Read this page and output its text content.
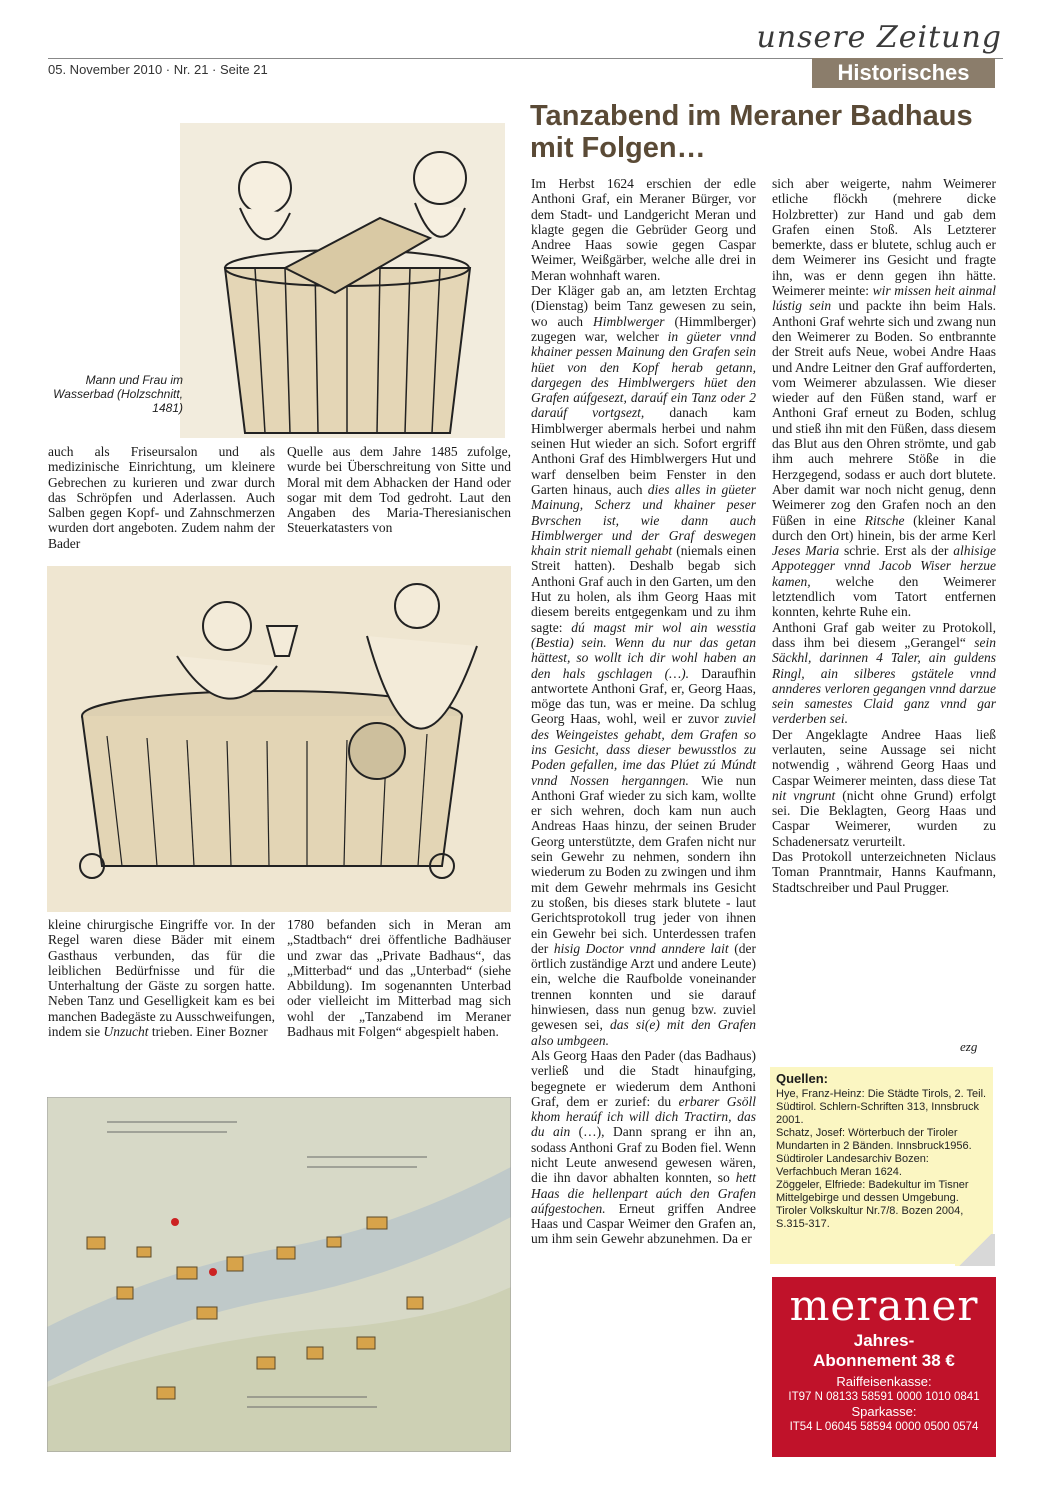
05. November 2010 · Nr. 21 · Seite 21
unsere Zeitung
Historisches
Tanzabend im Meraner Badhaus mit Folgen…
Mann und Frau im Wasserbad (Holzschnitt, 1481)

auch als Friseursalon und als medizinische Einrichtung, um kleinere Gebrechen zu kurieren und zwar durch das Schröpfen und Aderlassen. Auch Salben gegen Kopf- und Zahnschmerzen wurden dort angeboten. Zudem nahm der Bader

Quelle aus dem Jahre 1485 zufolge, wurde bei Überschreitung von Sitte und Moral mit dem Abhacken der Hand oder sogar mit dem Tod gedroht. Laut den Angaben des Maria-Theresianischen Steuerkatasters von

kleine chirurgische Eingriffe vor. In der Regel waren diese Bäder mit einem Gasthaus verbunden, das für die leiblichen Bedürfnisse und für die Unterhaltung der Gäste zu sorgen hatte. Neben Tanz und Geselligkeit kam es bei manchen Badegäste zu Ausschweifungen, indem sie Unzucht trieben. Einer Bozner

1780 befanden sich in Meran am „Stadtbach“ drei öffentliche Badhäuser und zwar das „Private Badhaus“, das „Mitterbad“ und das „Unterbad“ (siehe Abbildung). Im sogenannten Unterbad oder vielleicht im Mitterbad mag sich wohl der „Tanzabend im Meraner Badhaus mit Folgen“ abgespielt haben.

Im Herbst 1624 erschien der edle Anthoni Graf, ein Meraner Bürger, vor dem Stadt- und Landgericht Meran und klagte gegen die Gebrüder Georg und Andree Haas sowie gegen Caspar Weimer, Weißgärber, welche alle drei in Meran wohnhaft waren.

Der Kläger gab an, am letzten Erchtag (Dienstag) beim Tanz gewesen zu sein, wo auch Himblwerger (Himmlberger) zugegen war, welcher in güeter vnnd khainer pessen Mainung den Grafen sein hüet von den Kopf herab getann, dargegen des Himblwergers hüet den Grafen aúfgesezt, daraúf ein Tanz oder 2 daraúf vortgsezt, danach kam Himblwerger abermals herbei und nahm seinen Hut wieder an sich. Sofort ergriff Anthoni Graf des Himblwergers Hut und warf denselben beim Fenster in den Garten hinaus, auch dies alles in güeter Mainung, Scherz und khainer peser Bvrschen ist, wie dann auch Himblwerger und der Graf deswegen khain strit niemall gehabt (niemals einen Streit hatten). Deshalb begab sich Anthoni Graf auch in den Garten, um den Hut zu holen, als ihm Georg Haas mit diesem bereits entgegenkam und zu ihm sagte: dú magst mir wol ain wesstia (Bestia) sein. Wenn du nur das getan hättest, so wollt ich dir wohl haben an den hals gschlagen (…). Daraufhin antwortete Anthoni Graf, er, Georg Haas, möge das tun, was er meine. Da schlug Georg Haas, wohl, weil er zuvor zuviel des Weingeistes gehabt, dem Grafen so ins Gesicht, dass dieser bewusstlos zu Poden gefallen, ime das Plúet zú Múndt vnnd Nossen herganngen. Wie nun Anthoni Graf wieder zu sich kam, wollte er sich wehren, doch kam nun auch Andreas Haas hinzu, der seinen Bruder Georg unterstützte, dem Grafen nicht nur sein Gewehr zu nehmen, sondern ihn wiederum zu Boden zu zwingen und ihm mit dem Gewehr mehrmals ins Gesicht zu stoßen, bis dieses stark blutete - laut Gerichtsprotokoll trug jeder von ihnen ein Gewehr bei sich. Unterdessen trafen der hisig Doctor vnnd anndere lait (der örtlich zuständige Arzt und andere Leute) ein, welche die Raufbolde voneinander trennen konnten und sie darauf hinwiesen, dass nun genug bzw. zuviel gewesen sei, das si(e) mit den Grafen also umbgeen.

Als Georg Haas den Pader (das Badhaus) verließ und die Stadt hinaufging, begegnete er wiederum dem Anthoni Graf, dem er zurief: du erbarer Gsöll khom heraúf ich will dich Tractirn, das du ain (…), Dann sprang er ihn an, sodass Anthoni Graf zu Boden fiel. Wenn nicht Leute anwesend gewesen wären, die ihn davor abhalten konnten, so hett Haas die hellenpart aúch den Grafen aúfgestochen. Erneut griffen Andree Haas und Caspar Weimer den Grafen an, um ihm sein Gewehr abzunehmen. Da er

sich aber weigerte, nahm Weimerer etliche flöckh (mehrere dicke Holzbretter) zur Hand und gab dem Grafen einen Stoß. Als Letzterer bemerkte, dass er blutete, schlug auch er dem Weimerer ins Gesicht und fragte ihn, was er denn gegen ihn hätte. Weimerer meinte: wir missen heit ainmal lústig sein und packte ihn beim Hals. Anthoni Graf wehrte sich und zwang nun den Weimerer zu Boden. So entbrannte der Streit aufs Neue, wobei Andre Haas und Andre Leitner den Graf aufforderten, vom Weimerer abzulassen. Wie dieser wieder auf den Füßen stand, warf er Anthoni Graf erneut zu Boden, schlug und stieß ihn mit den Füßen, dass diesem das Blut aus den Ohren strömte, und gab ihm auch mehrere Stöße in die Herzgegend, sodass er auch dort blutete. Aber damit war noch nicht genug, denn Weimerer zog den Grafen noch an den Füßen in eine Ritsche (kleiner Kanal durch den Ort) hinein, bis der arme Kerl Jeses Maria schrie. Erst als der alhisige Appotegger vnnd Jacob Wiser herzue kamen, welche den Weimerer letztendlich vom Tatort entfernen konnten, kehrte Ruhe ein.

Anthoni Graf gab weiter zu Protokoll, dass ihm bei diesem „Gerangel“ sein Säckhl, darinnen 4 Taler, ain guldens Ringl, ain silberes gstätele vnnd annderes verloren gegangen vnnd darzue sein samestes Claid ganz vnnd gar verderben sei.

Der Angeklagte Andree Haas ließ verlauten, seine Aussage sei nicht notwendig , während Georg Haas und Caspar Weimerer meinten, dass diese Tat nit vngrunt (nicht ohne Grund) erfolgt sei. Die Beklagten, Georg Haas und Caspar Weimerer, wurden zu Schadenersatz verurteilt.

Das Protokoll unterzeichneten Niclaus Toman Pranntmair, Hanns Kaufmann, Stadtschreiber und Paul Prugger.

ezg
Quellen:
Hye, Franz-Heinz: Die Städte Tirols, 2. Teil. Südtirol. Schlern-Schriften 313, Innsbruck 2001.
Schatz, Josef: Wörterbuch der Tiroler Mundarten in 2 Bänden. Innsbruck1956.
Südtiroler Landesarchiv Bozen: Verfachbuch Meran 1624.
Zöggeler, Elfriede: Badekultur im Tisner Mittelgebirge und dessen Umgebung. Tiroler Volkskultur Nr.7/8. Bozen 2004, S.315-317.
meraner
Jahres-
Abonnement 38 €
Raiffeisenkasse:
IT97 N 08133 58591 0000 1010 0841
Sparkasse:
IT54 L 06045 58594 0000 0500 0574
